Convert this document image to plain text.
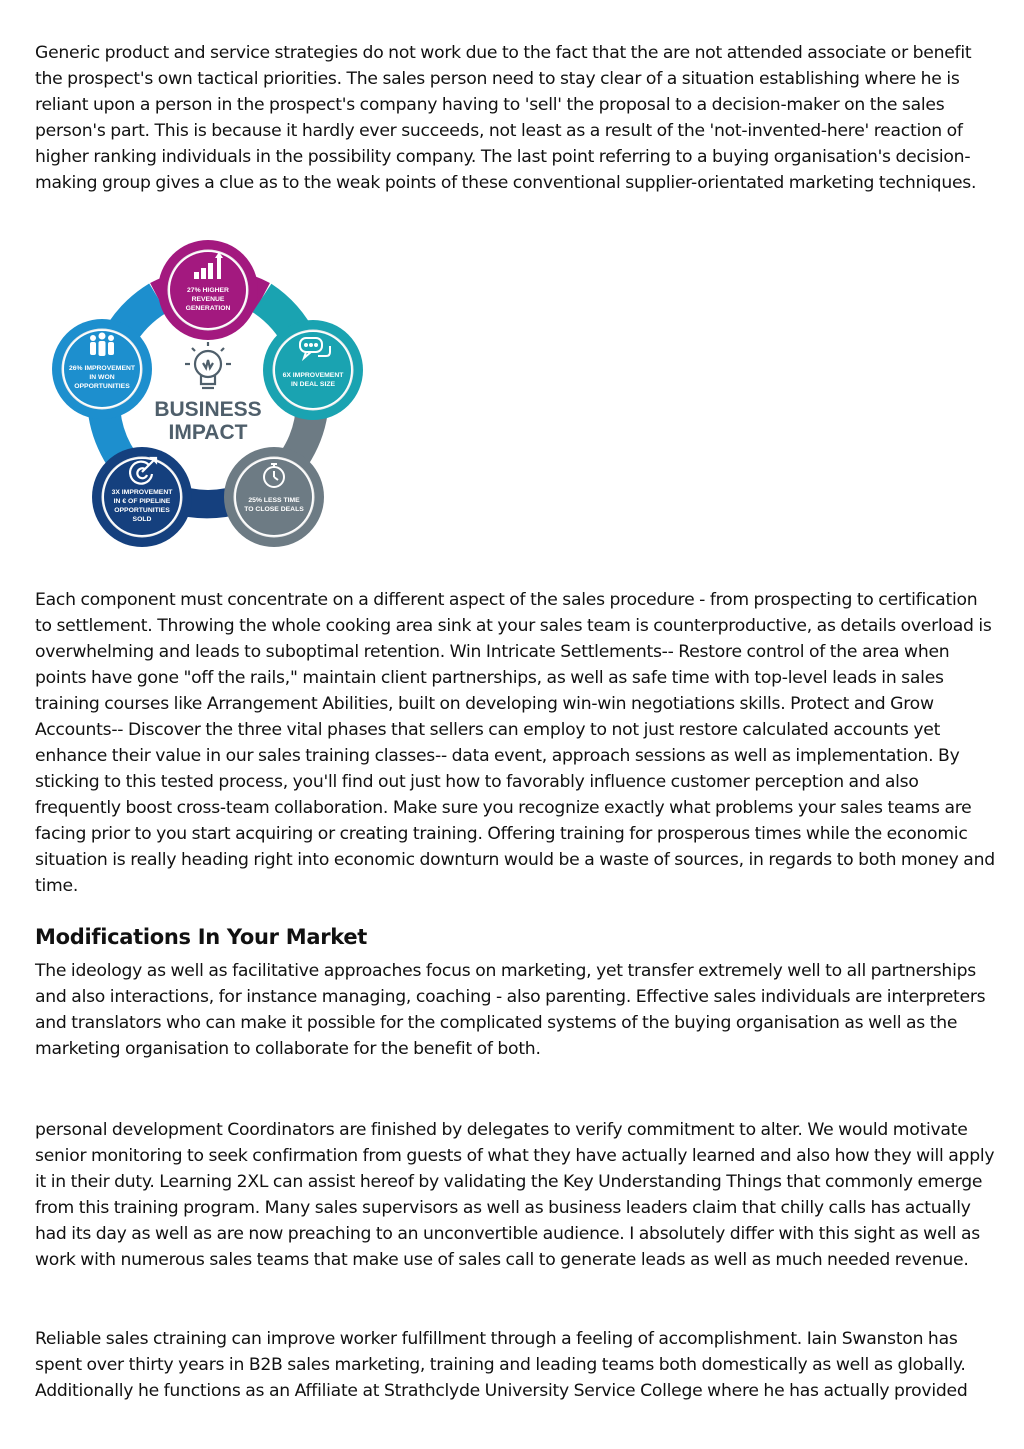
Generic product and service strategies do not work due to the fact that the are not attended associate or benefit the prospect's own tactical priorities. The sales person need to stay clear of a situation establishing where he is reliant upon a person in the prospect's company having to 'sell' the proposal to a decision-maker on the sales person's part. This is because it hardly ever succeeds, not least as a result of the 'not-invented-here' reaction of higher ranking individuals in the possibility company. The last point referring to a buying organisation's decision-making group gives a clue as to the weak points of these conventional supplier-orientated marketing techniques.

BUSINESS
IMPACT
27% HIGHER
REVENUE
GENERATION
6X IMPROVEMENT
IN DEAL SIZE
25% LESS TIME
TO CLOSE DEALS
3X IMPROVEMENT
IN € OF PIPELINE
OPPORTUNITIES
SOLD
26% IMPROVEMENT
IN WON
OPPORTUNITIES

Each component must concentrate on a different aspect of the sales procedure - from prospecting to certification to settlement. Throwing the whole cooking area sink at your sales team is counterproductive, as details overload is overwhelming and leads to suboptimal retention. Win Intricate Settlements-- Restore control of the area when points have gone "off the rails," maintain client partnerships, as well as safe time with top-level leads in sales training courses like Arrangement Abilities, built on developing win-win negotiations skills. Protect and Grow Accounts-- Discover the three vital phases that sellers can employ to not just restore calculated accounts yet enhance their value in our sales training classes-- data event, approach sessions as well as implementation. By sticking to this tested process, you'll find out just how to favorably influence customer perception and also frequently boost cross-team collaboration. Make sure you recognize exactly what problems your sales teams are facing prior to you start acquiring or creating training. Offering training for prosperous times while the economic situation is really heading right into economic downturn would be a waste of sources, in regards to both money and time.

Modifications In Your Market

The ideology as well as facilitative approaches focus on marketing, yet transfer extremely well to all partnerships and also interactions, for instance managing, coaching - also parenting. Effective sales individuals are interpreters and translators who can make it possible for the complicated systems of the buying organisation as well as the marketing organisation to collaborate for the benefit of both.

personal development Coordinators are finished by delegates to verify commitment to alter. We would motivate senior monitoring to seek confirmation from guests of what they have actually learned and also how they will apply it in their duty. Learning 2XL can assist hereof by validating the Key Understanding Things that commonly emerge from this training program. Many sales supervisors as well as business leaders claim that chilly calls has actually had its day as well as are now preaching to an unconvertible audience. I absolutely differ with this sight as well as work with numerous sales teams that make use of sales call to generate leads as well as much needed revenue.

Reliable sales ctraining can improve worker fulfillment through a feeling of accomplishment. Iain Swanston has spent over thirty years in B2B sales marketing, training and leading teams both domestically as well as globally. Additionally he functions as an Affiliate at Strathclyde University Service College where he has actually provided
